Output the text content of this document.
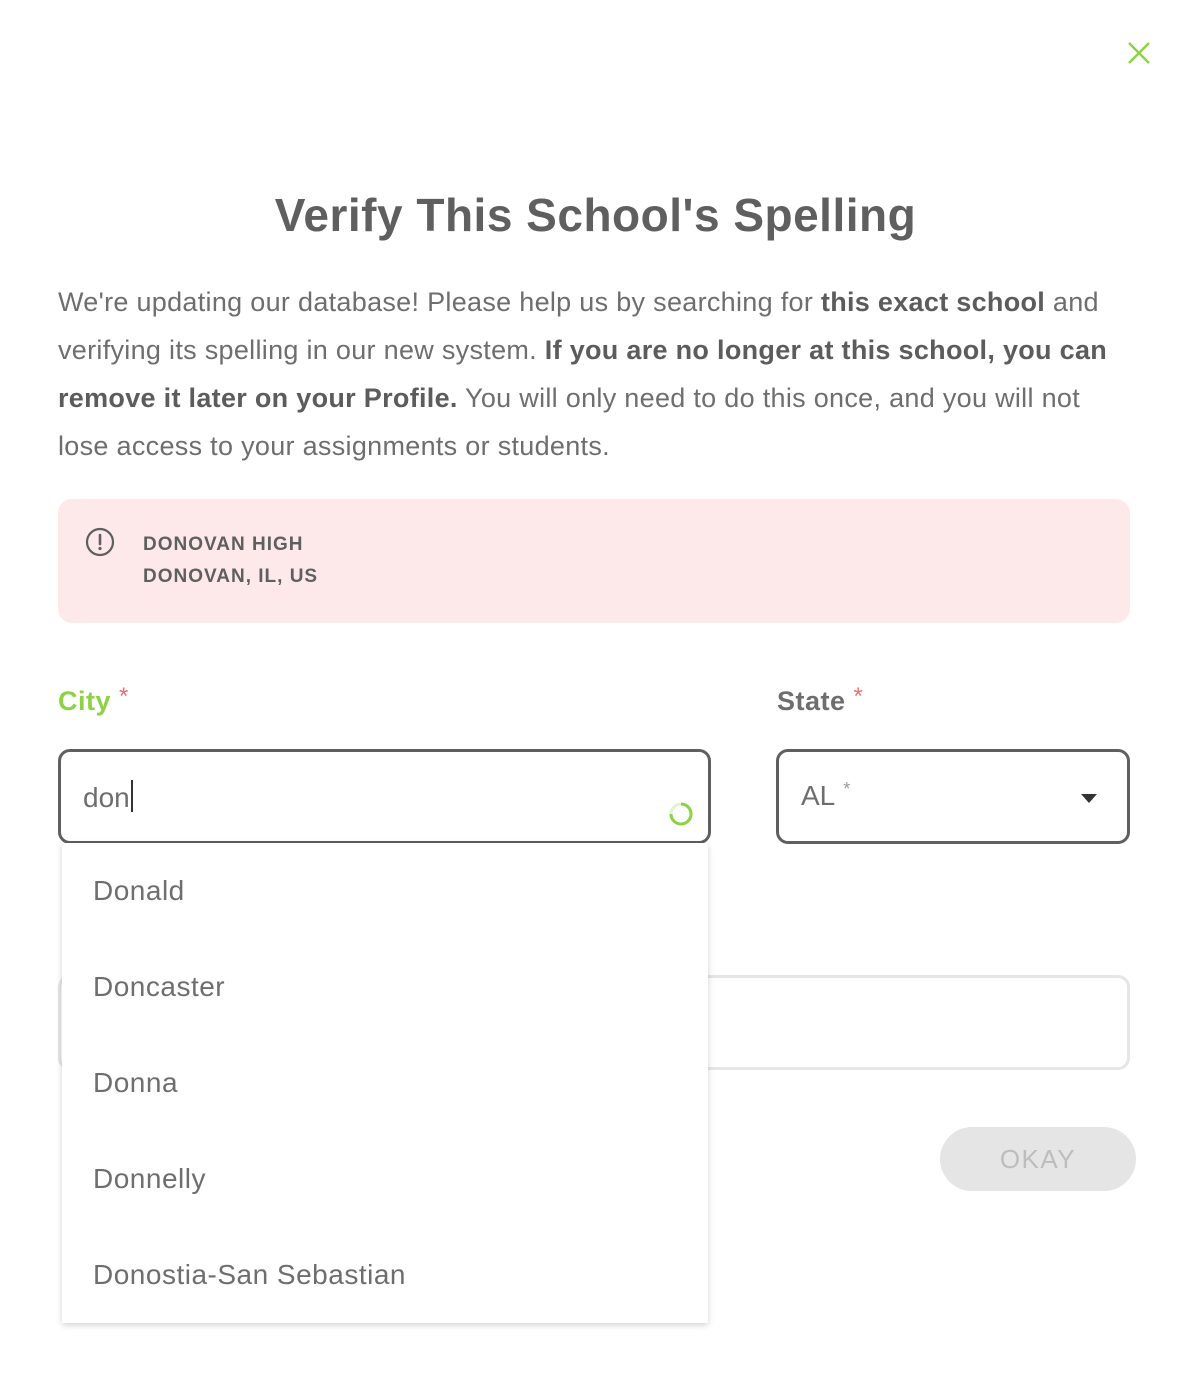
Verify This School's Spelling

We're updating our database! Please help us by searching for this exact school and verifying its spelling in our new system. If you are no longer at this school, you can remove it later on your Profile. You will only need to do this once, and you will not lose access to your assignments or students.

DONOVAN HIGH
DONOVAN, IL, US
City *	State *
don	AL *
OKAY
Donald
Doncaster
Donna
Donnelly
Donostia-San Sebastian
